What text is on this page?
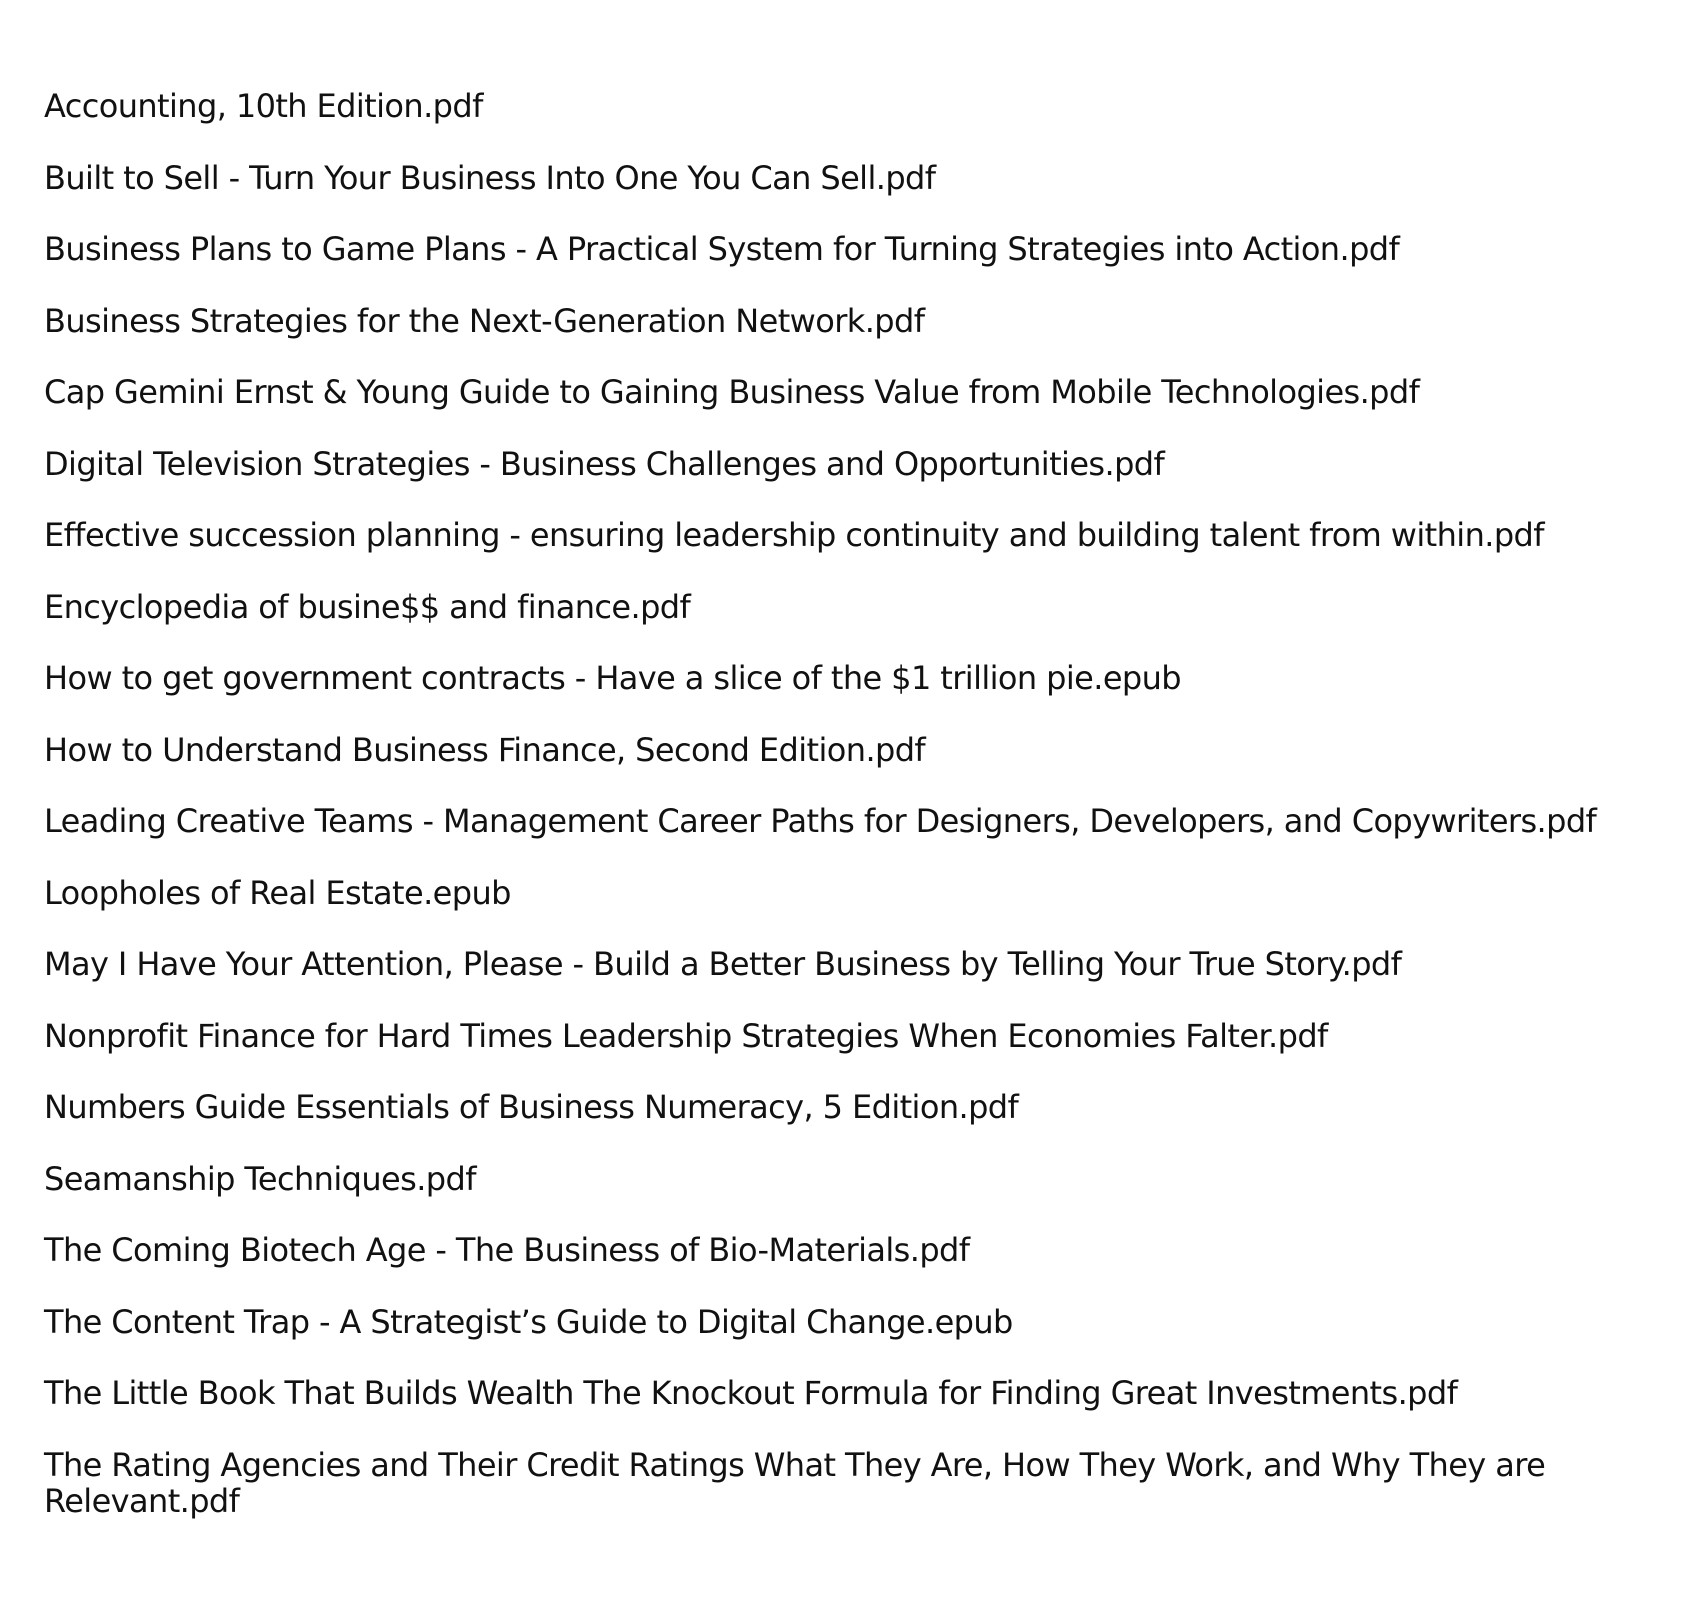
Accounting, 10th Edition.pdf
Built to Sell - Turn Your Business Into One You Can Sell.pdf
Business Plans to Game Plans - A Practical System for Turning Strategies into Action.pdf
Business Strategies for the Next-Generation Network.pdf
Cap Gemini Ernst & Young Guide to Gaining Business Value from Mobile Technologies.pdf
Digital Television Strategies - Business Challenges and Opportunities.pdf
Effective succession planning - ensuring leadership continuity and building talent from within.pdf
Encyclopedia of busine$$ and finance.pdf
How to get government contracts - Have a slice of the $1 trillion pie.epub
How to Understand Business Finance, Second Edition.pdf
Leading Creative Teams - Management Career Paths for Designers, Developers, and Copywriters.pdf
Loopholes of Real Estate.epub
May I Have Your Attention, Please - Build a Better Business by Telling Your True Story.pdf
Nonprofit Finance for Hard Times Leadership Strategies When Economies Falter.pdf
Numbers Guide Essentials of Business Numeracy, 5 Edition.pdf
Seamanship Techniques.pdf
The Coming Biotech Age - The Business of Bio-Materials.pdf
The Content Trap - A Strategist’s Guide to Digital Change.epub
The Little Book That Builds Wealth The Knockout Formula for Finding Great Investments.pdf
The Rating Agencies and Their Credit Ratings What They Are, How They Work, and Why They are Relevant.pdf
